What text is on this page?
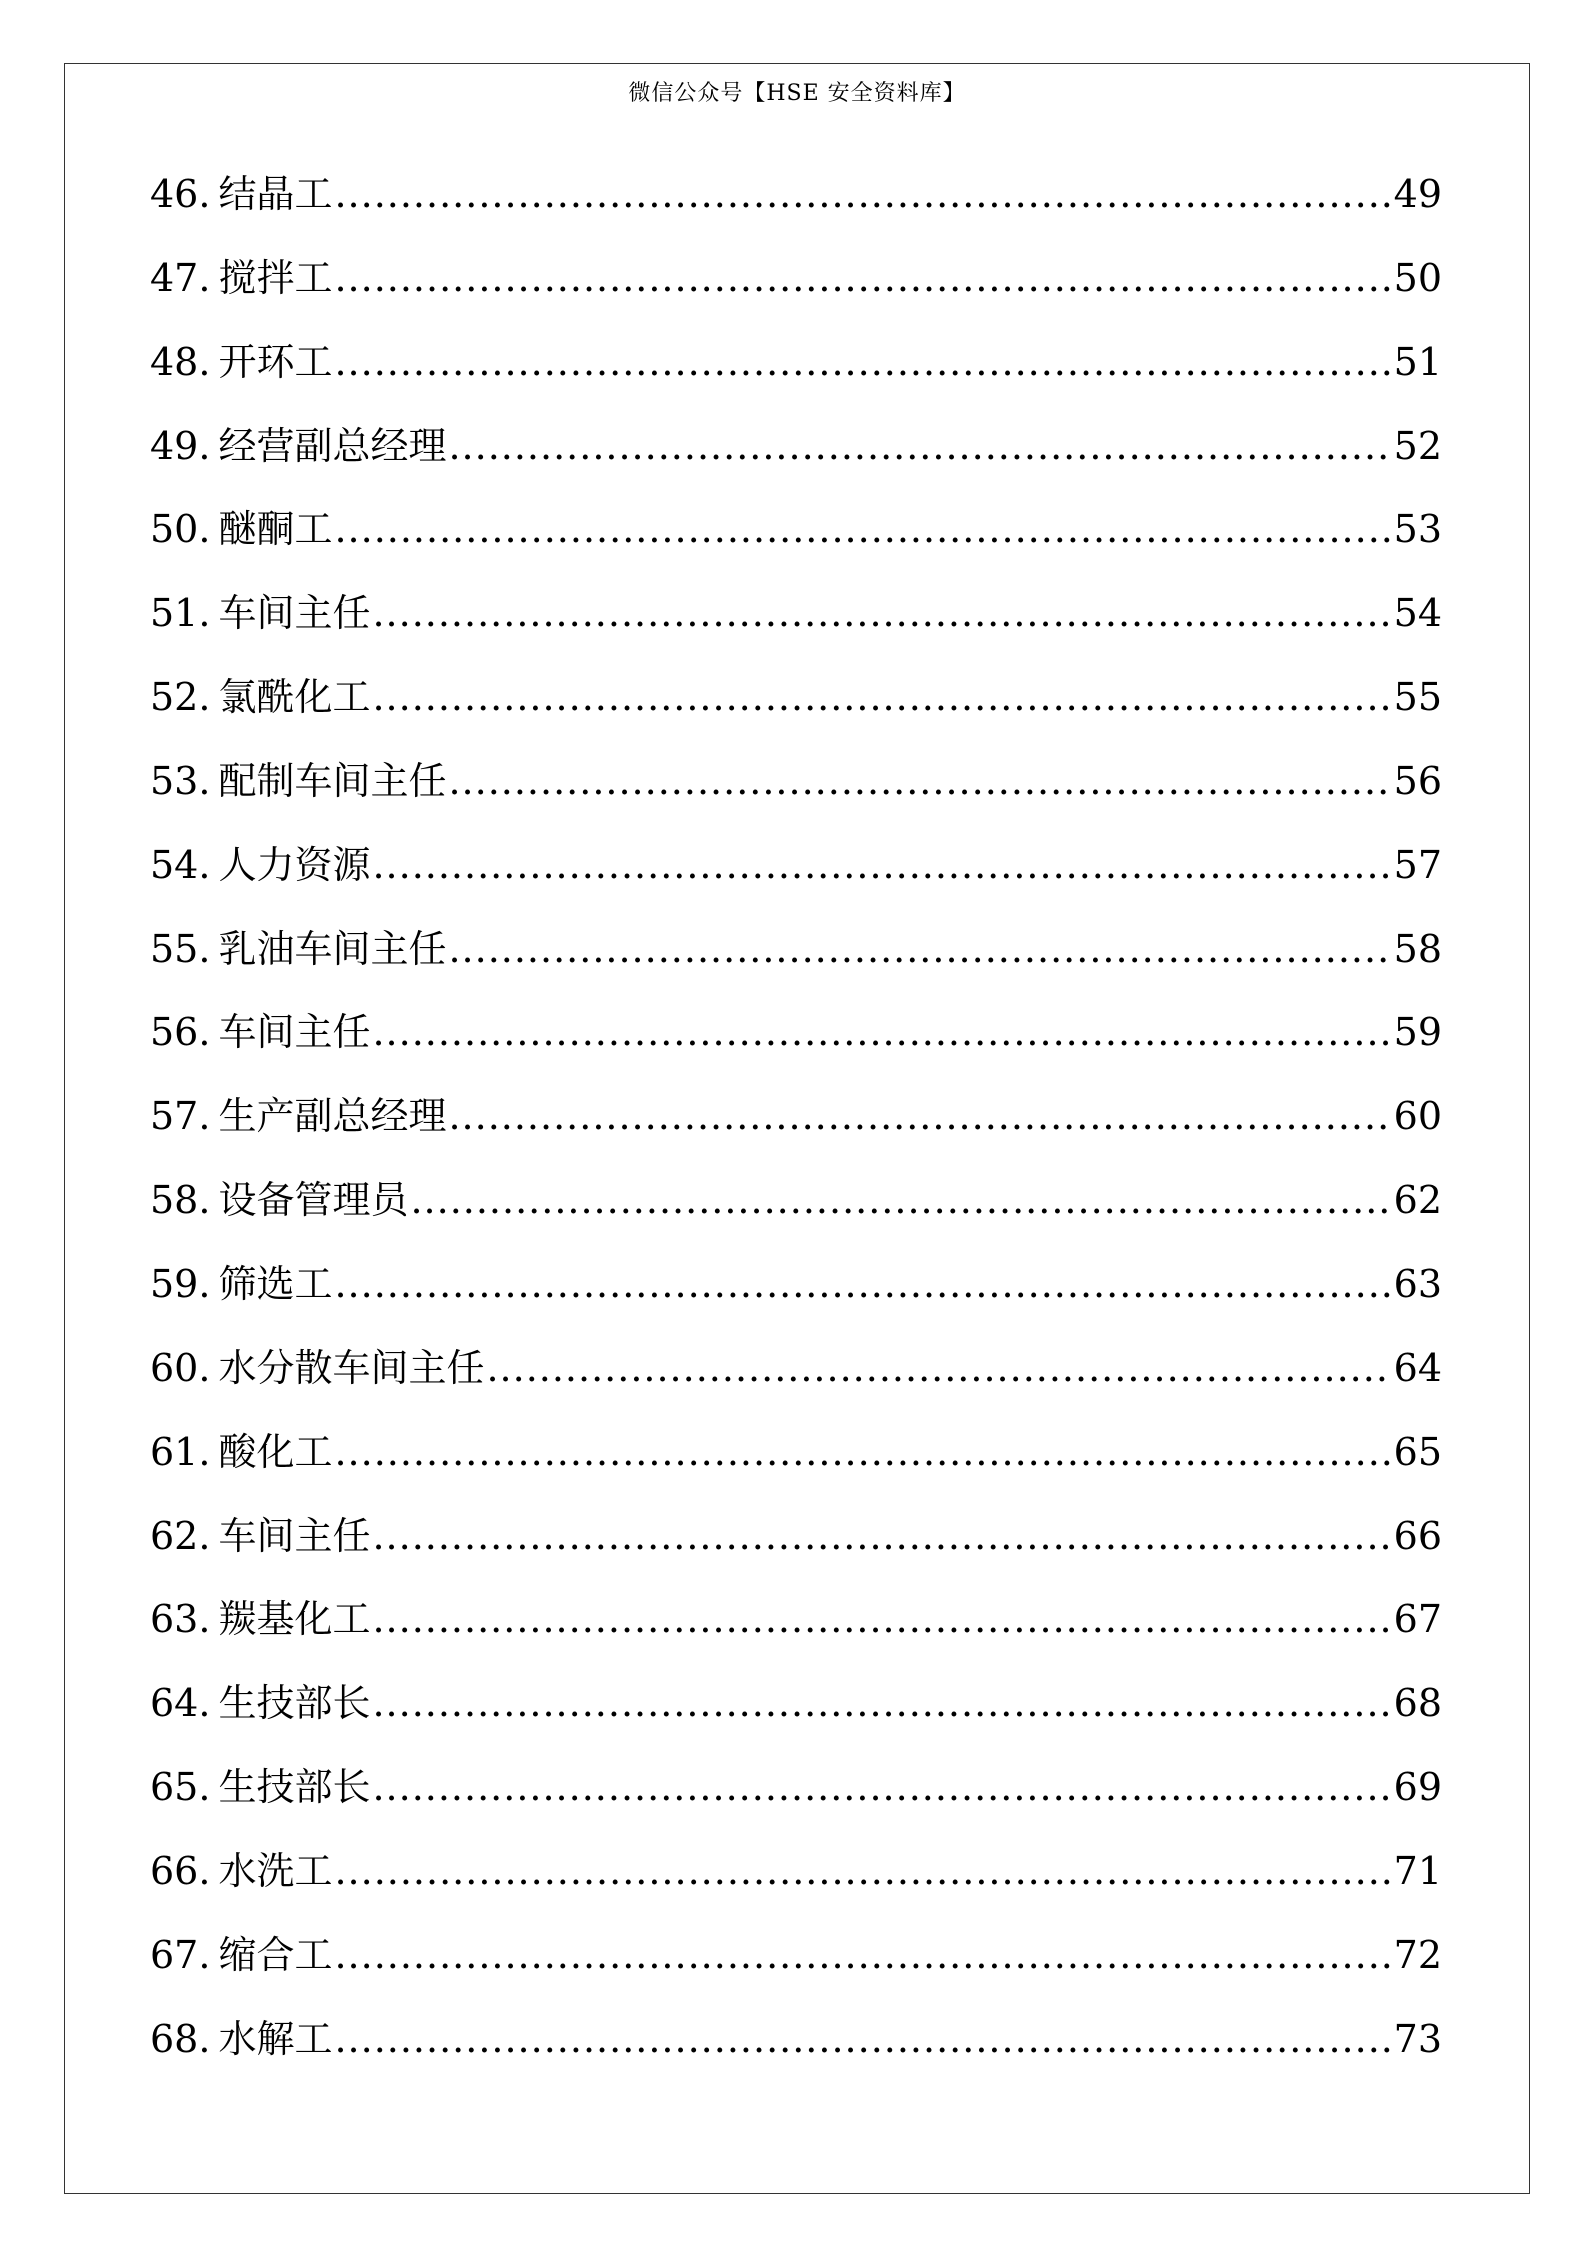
微信公众号【HSE 安全资料库】
46. 结晶工 .....	49
47. 搅拌工 .....	50
48. 开环工 .....	51
49. 经营副总经理 .....	52
50. 醚酮工 .....	53
51. 车间主任 .....	54
52. 氯酰化工 .....	55
53. 配制车间主任 .....	56
54. 人力资源 .....	57
55. 乳油车间主任 .....	58
56. 车间主任 .....	59
57. 生产副总经理 .....	60
58. 设备管理员 .....	62
59. 筛选工 .....	63
60. 水分散车间主任 .....	64
61. 酸化工 .....	65
62. 车间主任 .....	66
63. 羰基化工 .....	67
64. 生技部长 .....	68
65. 生技部长 .....	69
66. 水洗工 .....	71
67. 缩合工 .....	72
68. 水解工 .....	73
